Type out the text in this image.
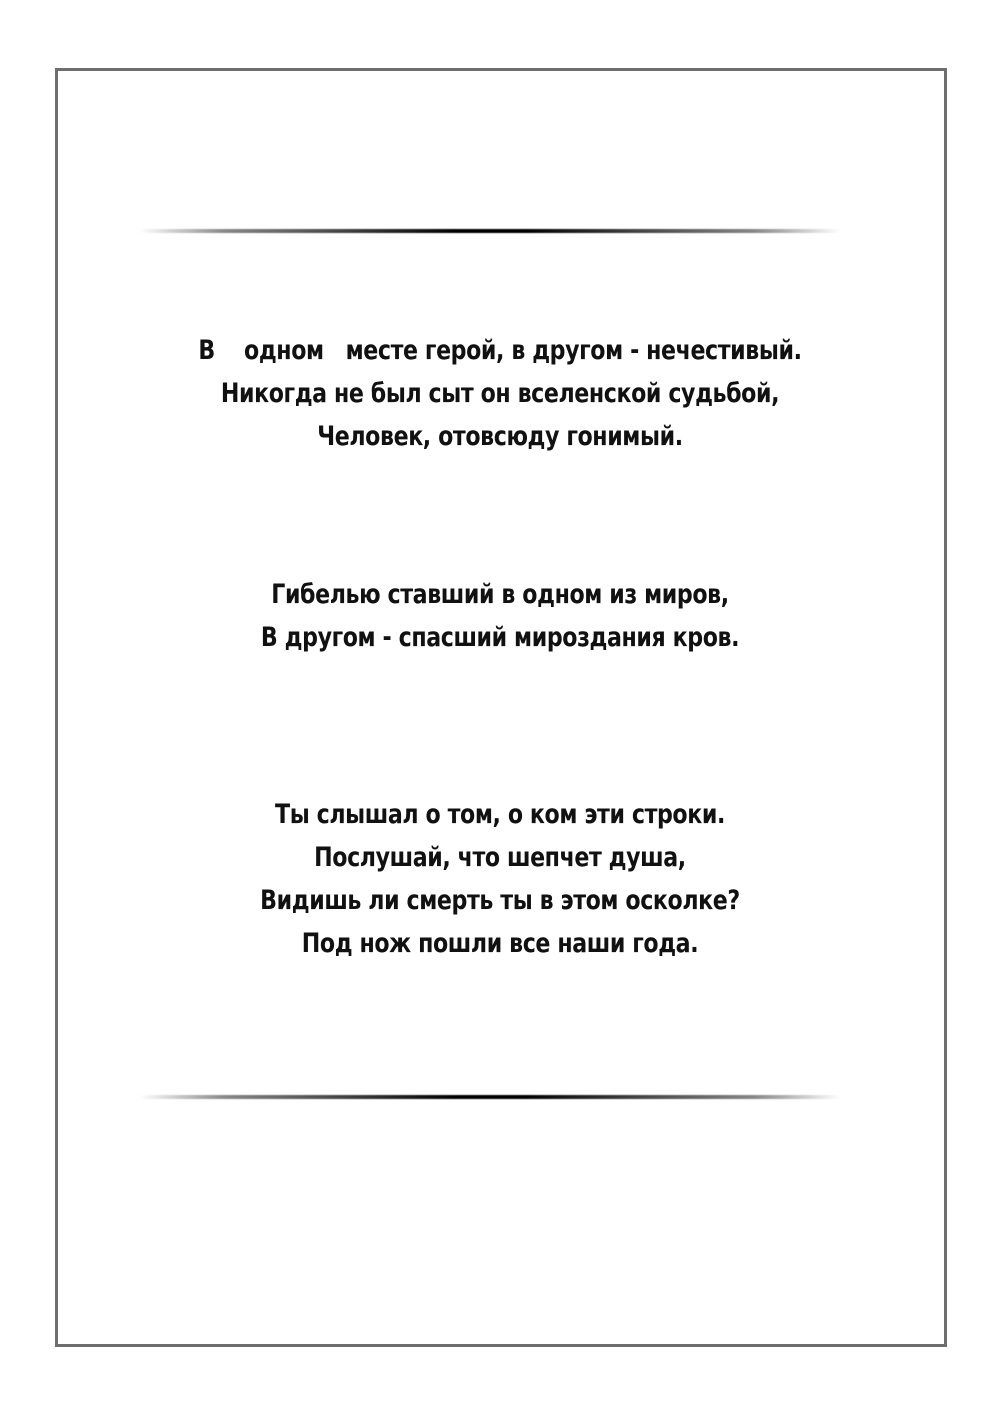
В    одном   месте герой, в другом - нечестивый.
Никогда не был сыт он вселенской судьбой,
Человек, отовсюду гонимый.
Гибелью ставший в одном из миров,
В другом - спасший мироздания кров.
Ты слышал о том, о ком эти строки.
Послушай, что шепчет душа,
Видишь ли смерть ты в этом осколке?
Под нож пошли все наши года.
